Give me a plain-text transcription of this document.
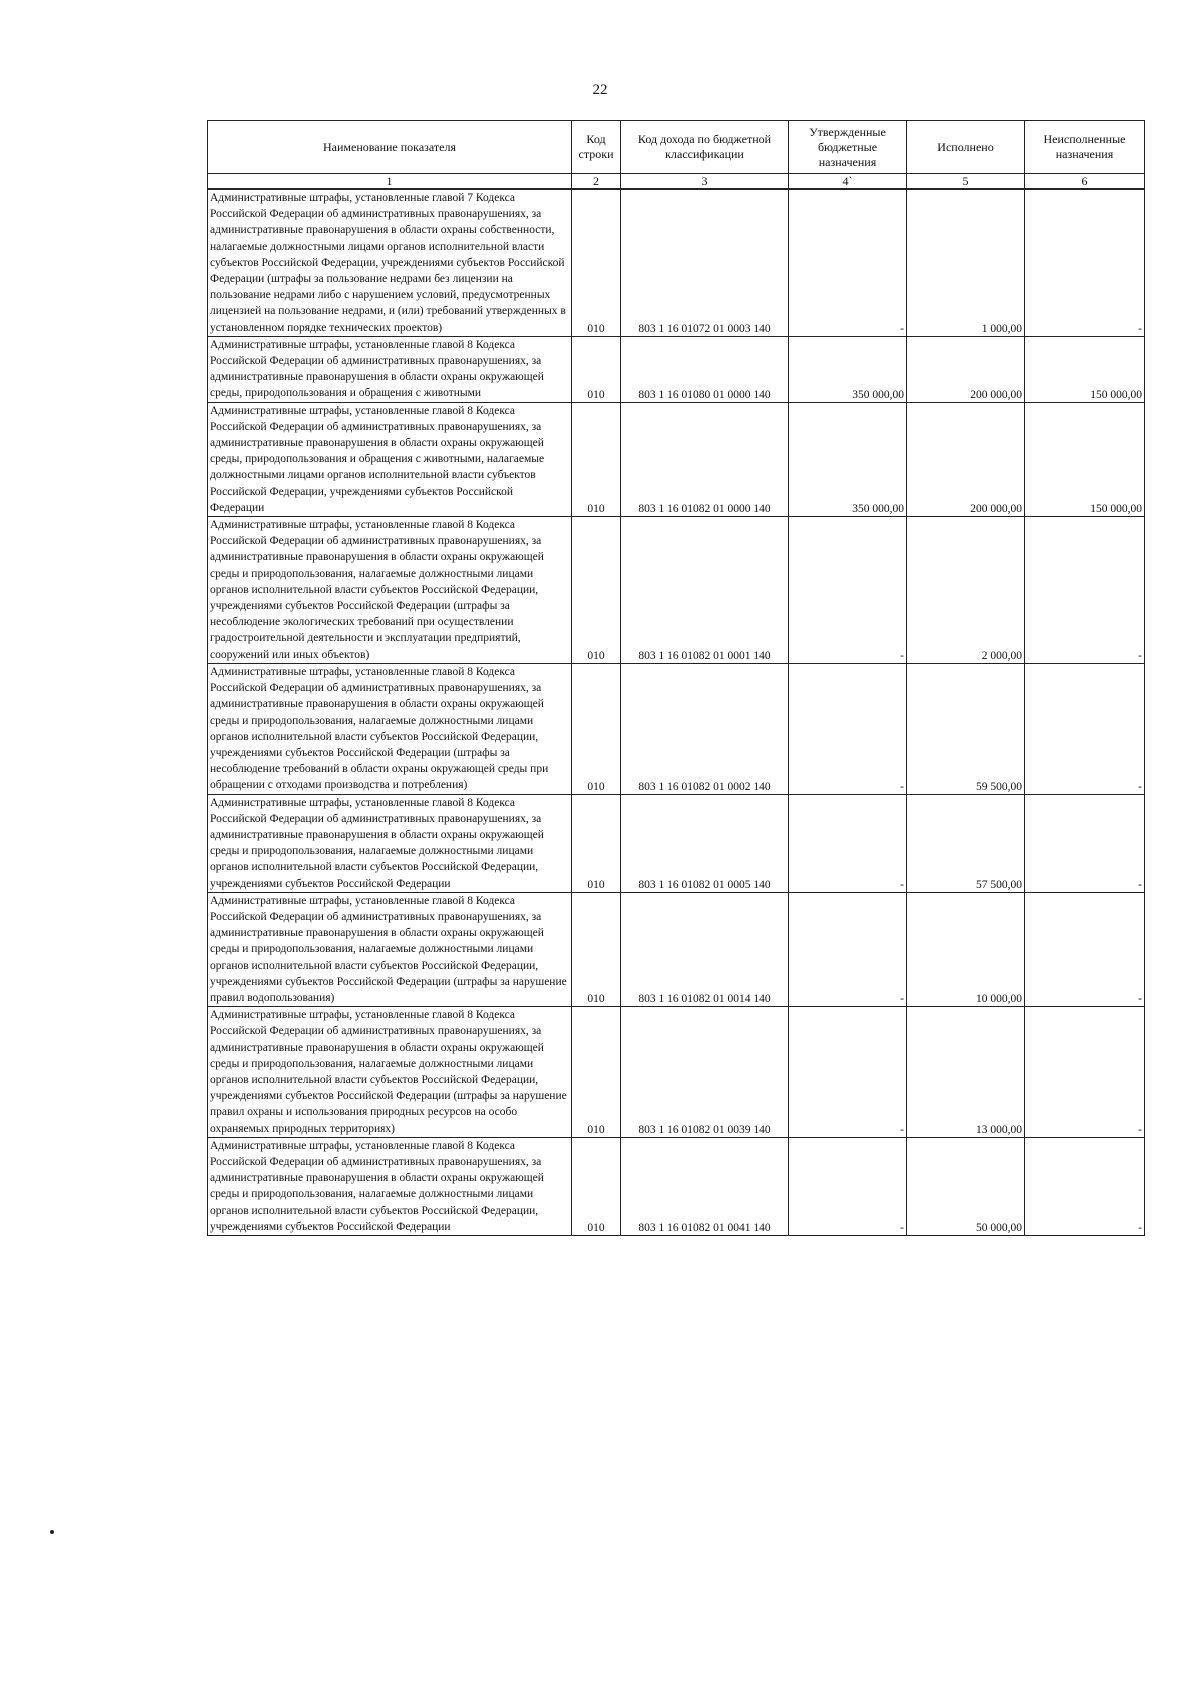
22
Наименование показателя	Код строки	Код дохода по бюджетной классификации	Утвержденные бюджетные назначения	Исполнено	Неисполненные назначения
1	2	3	4`	5	6
Административные штрафы, установленные главой 7 Кодекса Российской Федерации об административных правонарушениях, за административные правонарушения в области охраны собственности, налагаемые должностными лицами органов исполнительной власти субъектов Российской Федерации, учреждениями субъектов Российской Федерации (штрафы за пользование недрами без лицензии на пользование недрами либо с нарушением условий, предусмотренных лицензией на пользование недрами, и (или) требований утвержденных в установленном порядке технических проектов)	010	803 1 16 01072 01 0003 140	-	1 000,00	-
Административные штрафы, установленные главой 8 Кодекса Российской Федерации об административных правонарушениях, за административные правонарушения в области охраны окружающей среды, природопользования и обращения с животными	010	803 1 16 01080 01 0000 140	350 000,00	200 000,00	150 000,00
Административные штрафы, установленные главой 8 Кодекса Российской Федерации об административных правонарушениях, за административные правонарушения в области охраны окружающей среды, природопользования и обращения с животными, налагаемые должностными лицами органов исполнительной власти субъектов Российской Федерации, учреждениями субъектов Российской Федерации	010	803 1 16 01082 01 0000 140	350 000,00	200 000,00	150 000,00
Административные штрафы, установленные главой 8 Кодекса Российской Федерации об административных правонарушениях, за административные правонарушения в области охраны окружающей среды и природопользования, налагаемые должностными лицами органов исполнительной власти субъектов Российской Федерации, учреждениями субъектов Российской Федерации (штрафы за несоблюдение экологических требований при осуществлении градостроительной деятельности и эксплуатации предприятий, сооружений или иных объектов)	010	803 1 16 01082 01 0001 140	-	2 000,00	-
Административные штрафы, установленные главой 8 Кодекса Российской Федерации об административных правонарушениях, за административные правонарушения в области охраны окружающей среды и природопользования, налагаемые должностными лицами органов исполнительной власти субъектов Российской Федерации, учреждениями субъектов Российской Федерации (штрафы за несоблюдение требований в области охраны окружающей среды при обращении с отходами производства и потребления)	010	803 1 16 01082 01 0002 140	-	59 500,00	-
Административные штрафы, установленные главой 8 Кодекса Российской Федерации об административных правонарушениях, за административные правонарушения в области охраны окружающей среды и природопользования, налагаемые должностными лицами органов исполнительной власти субъектов Российской Федерации, учреждениями субъектов Российской Федерации	010	803 1 16 01082 01 0005 140	-	57 500,00	-
Административные штрафы, установленные главой 8 Кодекса Российской Федерации об административных правонарушениях, за административные правонарушения в области охраны окружающей среды и природопользования, налагаемые должностными лицами органов исполнительной власти субъектов Российской Федерации, учреждениями субъектов Российской Федерации (штрафы за нарушение правил водопользования)	010	803 1 16 01082 01 0014 140	-	10 000,00	-
Административные штрафы, установленные главой 8 Кодекса Российской Федерации об административных правонарушениях, за административные правонарушения в области охраны окружающей среды и природопользования, налагаемые должностными лицами органов исполнительной власти субъектов Российской Федерации, учреждениями субъектов Российской Федерации (штрафы за нарушение правил охраны и использования природных ресурсов на особо охраняемых природных территориях)	010	803 1 16 01082 01 0039 140	-	13 000,00	-
Административные штрафы, установленные главой 8 Кодекса Российской Федерации об административных правонарушениях, за административные правонарушения в области охраны окружающей среды и природопользования, налагаемые должностными лицами органов исполнительной власти субъектов Российской Федерации, учреждениями субъектов Российской Федерации	010	803 1 16 01082 01 0041 140	-	50 000,00	-
